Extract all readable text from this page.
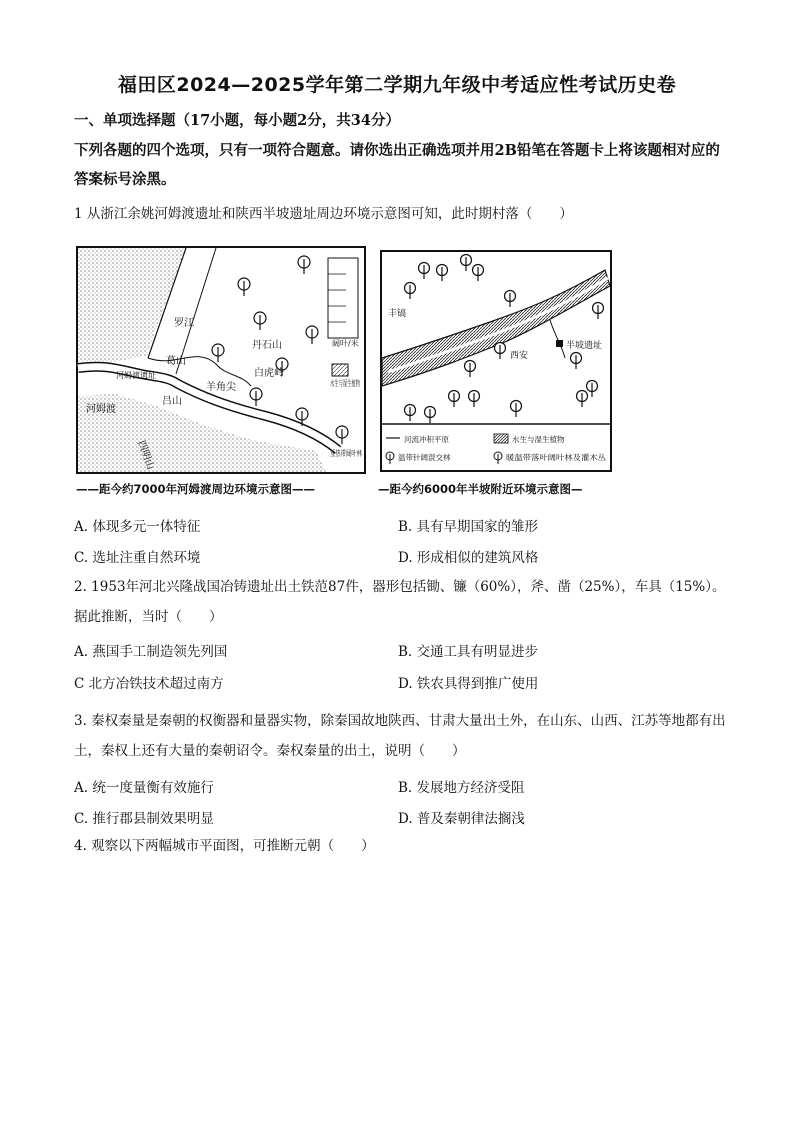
福田区2024—2025学年第二学期九年级中考适应性考试历史卷
一、单项选择题（17小题，每小题2分，共34分）
下列各题的四个选项，只有一项符合题意。请你选出正确选项并用2B铅笔在答题卡上将该题相对应的答案标号涂黑。
1 从浙江余姚河姆渡遗址和陕西半坡遗址周边环境示意图可知，此时期村落（　　）
阔叶/米
水生与湿生植物
亚热带阔叶林
罗江
丹石山
白虎岭
羊角尖
葛山
河姆渡遗址
河姆渡
吕山
四明山
半坡遗址
丰镐
西安
河流冲积平原	水生与湿生植物
温带针阔混交林	暖温带落叶阔叶林及灌木丛
——距今约7000年河姆渡周边环境示意图——	—距今约6000年半坡附近环境示意图—
A. 体现多元一体特征	B. 具有早期国家的雏形
C. 选址注重自然环境	D. 形成相似的建筑风格
2. 1953年河北兴隆战国冶铸遗址出土铁范87件，器形包括锄、镰（60%），斧、凿（25%），车具（15%）。据此推断，当时（　　）
A. 燕国手工制造领先列国	B. 交通工具有明显进步
C 北方冶铁技术超过南方	D. 铁农具得到推广使用
3. 秦权秦量是秦朝的权衡器和量器实物，除秦国故地陕西、甘肃大量出土外，在山东、山西、江苏等地都有出土，秦权上还有大量的秦朝诏令。秦权秦量的出土，说明（　　）
A. 统一度量衡有效施行	B. 发展地方经济受阻
C. 推行郡县制效果明显	D. 普及秦朝律法搁浅
4. 观察以下两幅城市平面图，可推断元朝（　　）
